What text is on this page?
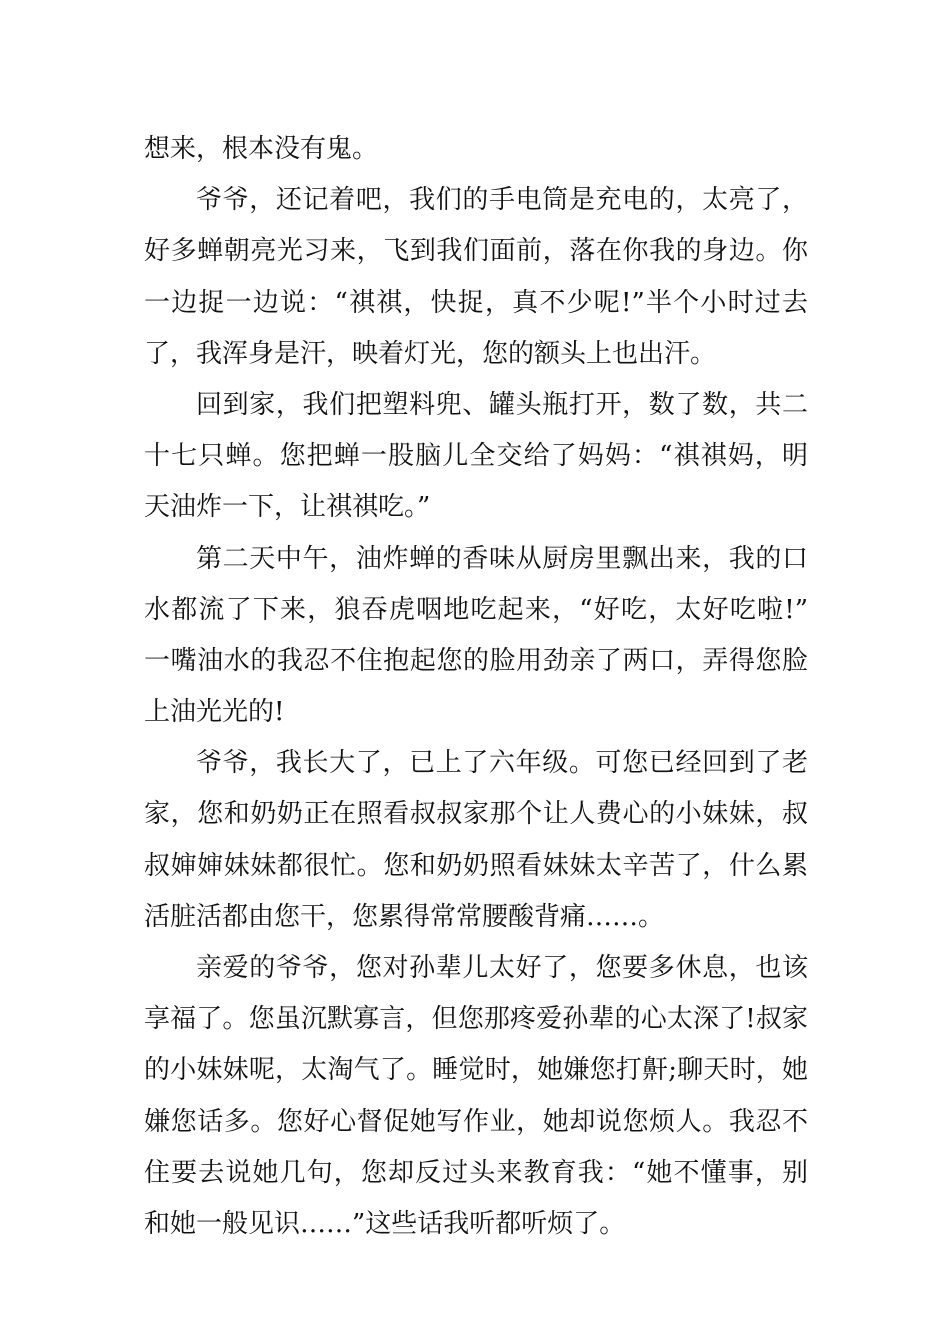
想来，根本没有鬼。

爷爷，还记着吧，我们的手电筒是充电的，太亮了，
好多蝉朝亮光习来，飞到我们面前，落在你我的身边。你
一边捉一边说：“祺祺，快捉，真不少呢!”半个小时过去
了，我浑身是汗，映着灯光，您的额头上也出汗。

回到家，我们把塑料兜、罐头瓶打开，数了数，共二
十七只蝉。您把蝉一股脑儿全交给了妈妈：“祺祺妈，明
天油炸一下，让祺祺吃。”

第二天中午，油炸蝉的香味从厨房里飘出来，我的口
水都流了下来，狼吞虎咽地吃起来，“好吃，太好吃啦!”
一嘴油水的我忍不住抱起您的脸用劲亲了两口，弄得您脸
上油光光的!

爷爷，我长大了，已上了六年级。可您已经回到了老
家，您和奶奶正在照看叔叔家那个让人费心的小妹妹，叔
叔婶婶妹妹都很忙。您和奶奶照看妹妹太辛苦了，什么累
活脏活都由您干，您累得常常腰酸背痛……。

亲爱的爷爷，您对孙辈儿太好了，您要多休息，也该
享福了。您虽沉默寡言，但您那疼爱孙辈的心太深了!叔家
的小妹妹呢，太淘气了。睡觉时，她嫌您打鼾;聊天时，她
嫌您话多。您好心督促她写作业，她却说您烦人。我忍不
住要去说她几句，您却反过头来教育我：“她不懂事，别
和她一般见识……”这些话我听都听烦了。
